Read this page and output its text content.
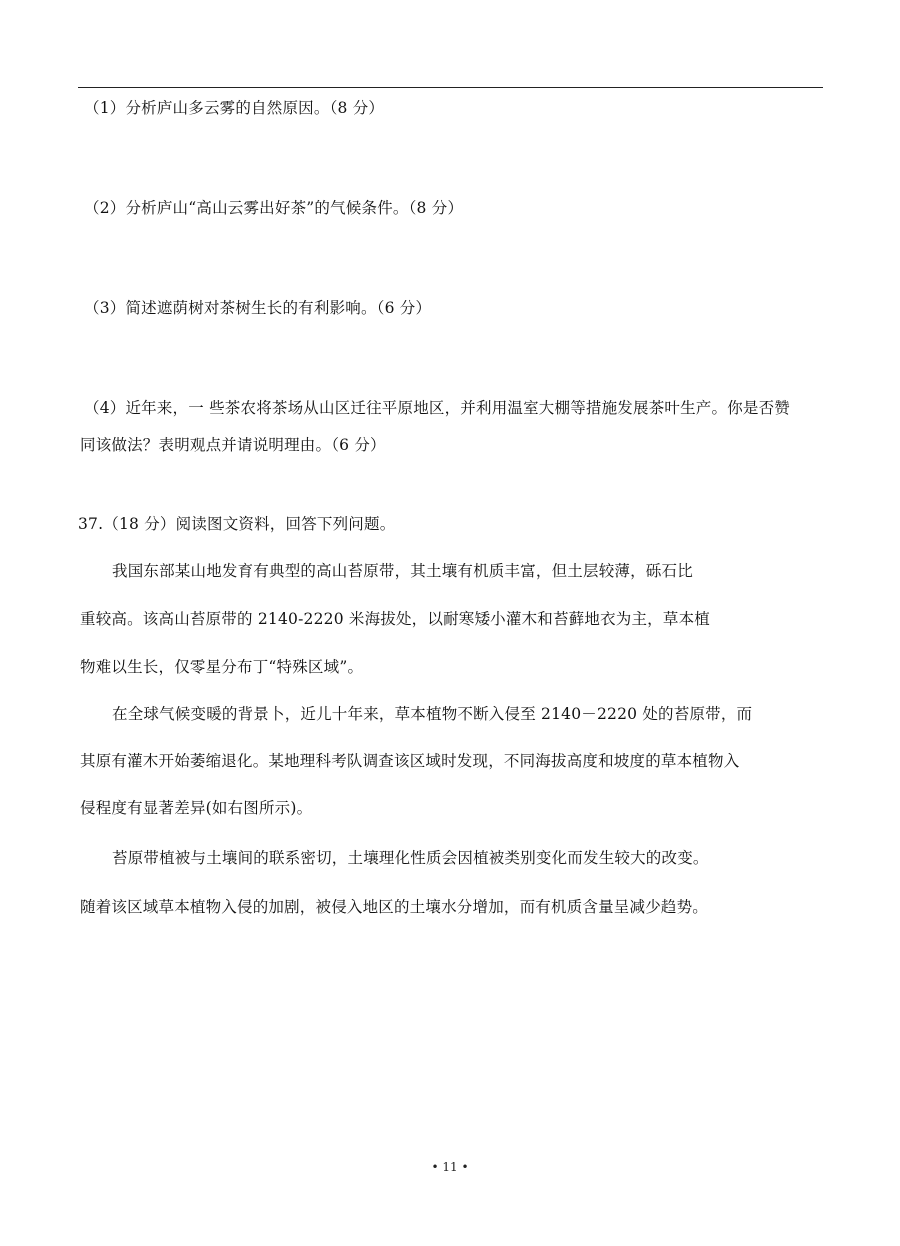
（1）分析庐山多云雾的自然原因。（8 分）
（2）分析庐山“高山云雾出好茶”的气候条件。（8 分）
（3）简述遮荫树对茶树生长的有利影响。（6 分）
（4）近年来，一 些茶农将茶场从山区迁往平原地区，并利用温室大棚等措施发展茶叶生产。你是否赞
同该做法？表明观点并请说明理由。（6 分）
37.（18 分）阅读图文资料，回答下列问题。
我国东部某山地发育有典型的高山苔原带，其土壤有机质丰富，但土层较薄，砾石比
重较高。该高山苔原带的 2140-2220 米海拔处，以耐寒矮小灌木和苔藓地衣为主，草本植
物难以生长，仅零星分布丁“特殊区域”。
在全球气候变暖的背景卜，近儿十年来，草本植物不断入侵至 2140－2220 处的苔原带，而
其原有灌木开始萎缩退化。某地理科考队调查该区域时发现，不同海拔高度和坡度的草本植物入
侵程度有显著差异(如右图所示)。
苔原带植被与土壤间的联系密切，土壤理化性质会因植被类别变化而发生较大的改变。
随着该区域草本植物入侵的加剧，被侵入地区的土壤水分增加，而有机质含量呈减少趋势。
• 11 •
